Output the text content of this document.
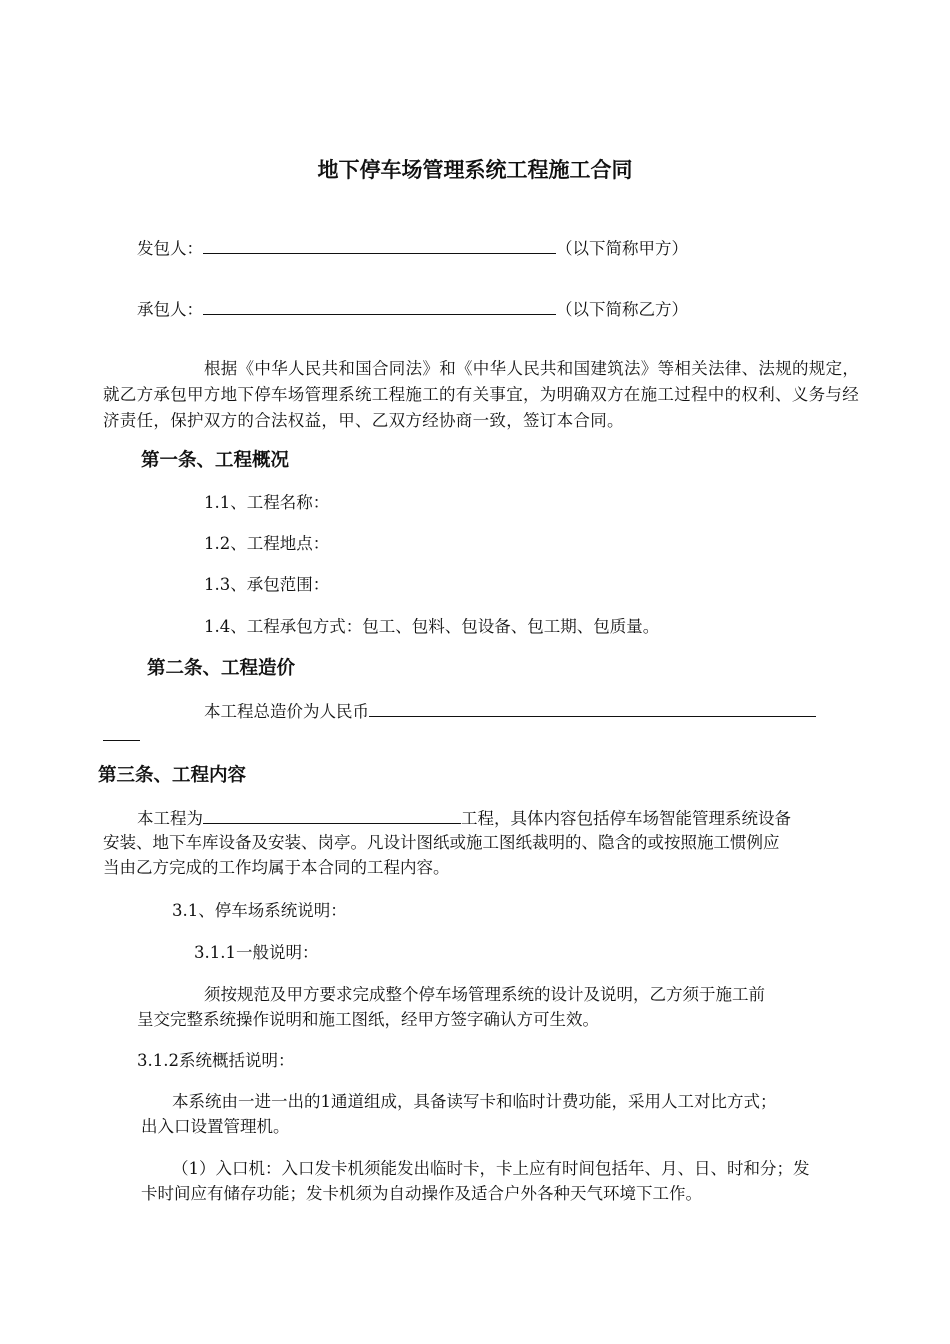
地下停车场管理系统工程施工合同
发包人：	（以下简称甲方）
承包人：	（以下简称乙方）
根据《中华人民共和国合同法》和《中华人民共和国建筑法》等相关法律、法规的规定，就乙方承包甲方地下停车场管理系统工程施工的有关事宜，为明确双方在施工过程中的权利、义务与经济责任，保护双方的合法权益，甲、乙双方经协商一致，签订本合同。
第一条、工程概况
1.1、工程名称：
1.2、工程地点：
1.3、承包范围：
1.4、工程承包方式：包工、包料、包设备、包工期、包质量。
第二条、工程造价
本工程总造价为人民币
第三条、工程内容
本工程为	工程，具体内容包括停车场智能管理系统设备
安装、地下车库设备及安装、岗亭。凡设计图纸或施工图纸裁明的、隐含的或按照施工惯例应
当由乙方完成的工作均属于本合同的工程内容。
3.1、停车场系统说明：
3.1.1一般说明：
须按规范及甲方要求完成整个停车场管理系统的设计及说明，乙方须于施工前
呈交完整系统操作说明和施工图纸，经甲方签字确认方可生效。
3.1.2系统概括说明：
本系统由一进一出的1通道组成，具备读写卡和临时计费功能，采用人工对比方式；
出入口设置管理机。
（1）入口机：入口发卡机须能发出临时卡，卡上应有时间包括年、月、日、时和分；发
卡时间应有储存功能；发卡机须为自动操作及适合户外各种天气环境下工作。
